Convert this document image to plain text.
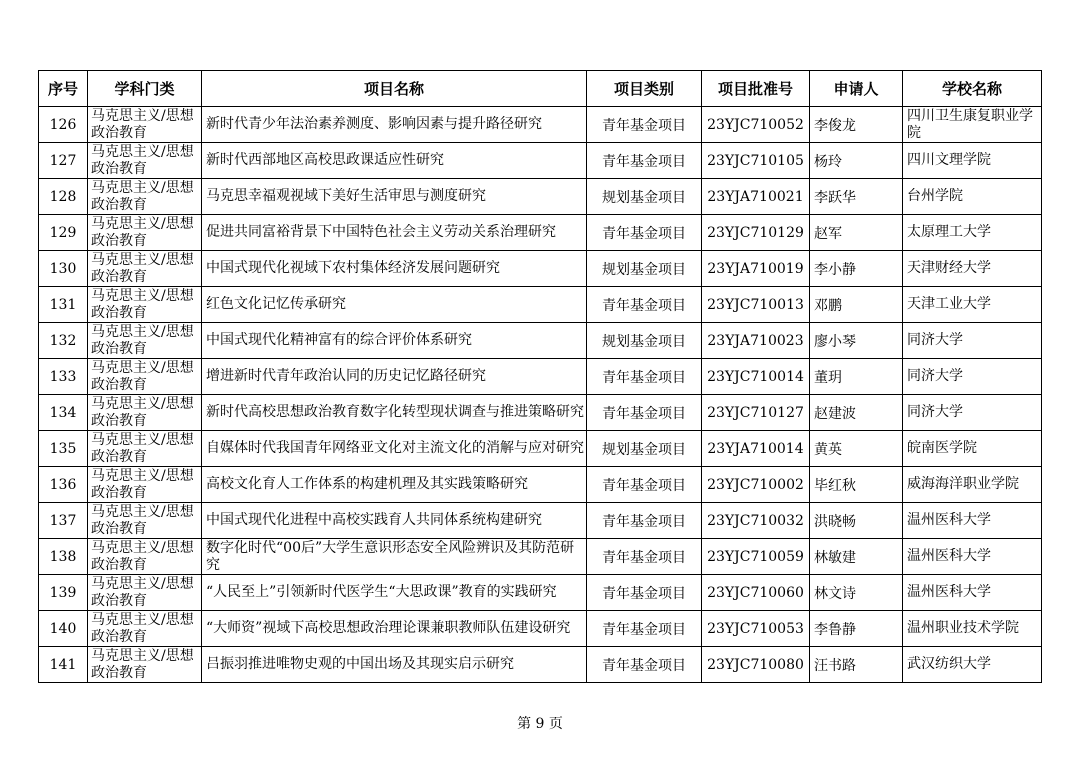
序号	学科门类	项目名称	项目类别	项目批准号	申请人	学校名称

126	马克思主义/思想政治教育	新时代青少年法治素养测度、影响因素与提升路径研究	青年基金项目	23YJC710052	李俊龙	四川卫生康复职业学院

127	马克思主义/思想政治教育	新时代西部地区高校思政课适应性研究	青年基金项目	23YJC710105	杨玲	四川文理学院

128	马克思主义/思想政治教育	马克思幸福观视域下美好生活审思与测度研究	规划基金项目	23YJA710021	李跃华	台州学院

129	马克思主义/思想政治教育	促进共同富裕背景下中国特色社会主义劳动关系治理研究	青年基金项目	23YJC710129	赵军	太原理工大学

130	马克思主义/思想政治教育	中国式现代化视域下农村集体经济发展问题研究	规划基金项目	23YJA710019	李小静	天津财经大学

131	马克思主义/思想政治教育	红色文化记忆传承研究	青年基金项目	23YJC710013	邓鹏	天津工业大学

132	马克思主义/思想政治教育	中国式现代化精神富有的综合评价体系研究	规划基金项目	23YJA710023	廖小琴	同济大学

133	马克思主义/思想政治教育	增进新时代青年政治认同的历史记忆路径研究	青年基金项目	23YJC710014	董玥	同济大学

134	马克思主义/思想政治教育	新时代高校思想政治教育数字化转型现状调查与推进策略研究	青年基金项目	23YJC710127	赵建波	同济大学

135	马克思主义/思想政治教育	自媒体时代我国青年网络亚文化对主流文化的消解与应对研究	规划基金项目	23YJA710014	黄英	皖南医学院

136	马克思主义/思想政治教育	高校文化育人工作体系的构建机理及其实践策略研究	青年基金项目	23YJC710002	毕红秋	威海海洋职业学院

137	马克思主义/思想政治教育	中国式现代化进程中高校实践育人共同体系统构建研究	青年基金项目	23YJC710032	洪晓畅	温州医科大学

138	马克思主义/思想政治教育	数字化时代“00后”大学生意识形态安全风险辨识及其防范研究	青年基金项目	23YJC710059	林敏建	温州医科大学

139	马克思主义/思想政治教育	“人民至上”引领新时代医学生“大思政课”教育的实践研究	青年基金项目	23YJC710060	林文诗	温州医科大学

140	马克思主义/思想政治教育	“大师资”视域下高校思想政治理论课兼职教师队伍建设研究	青年基金项目	23YJC710053	李鲁静	温州职业技术学院

141	马克思主义/思想政治教育	吕振羽推进唯物史观的中国出场及其现实启示研究	青年基金项目	23YJC710080	汪书路	武汉纺织大学
第 9 页
